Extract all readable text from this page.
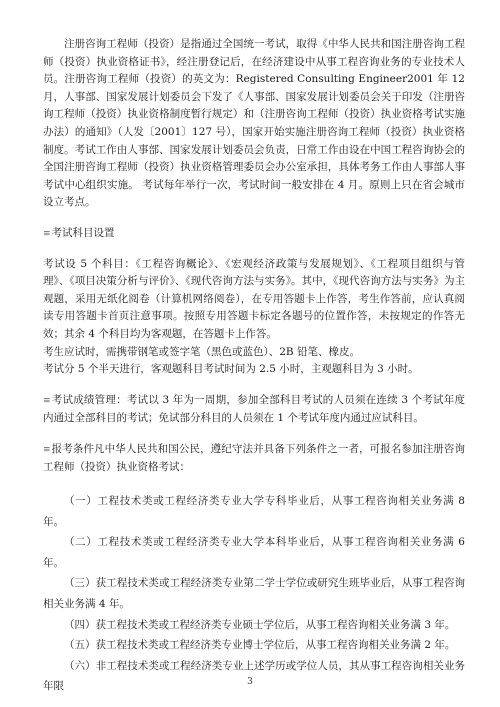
注册咨询工程师（投资）是指通过全国统一考试，取得《中华人民共和国注册咨询工程师（投资）执业资格证书》，经注册登记后，在经济建设中从事工程咨询业务的专业技术人员。注册咨询工程师（投资）的英文为：Registered Consulting Engineer2001 年 12 月，人事部、国家发展计划委员会下发了《人事部、国家发展计划委员会关于印发（注册咨询工程师（投资）执业资格制度暂行规定）和（注册咨询工程师（投资）执业资格考试实施办法）的通知》（人发〔2001〕127 号），国家开始实施注册咨询工程师（投资）执业资格制度。考试工作由人事部、国家发展计划委员会负责，日常工作由设在中国工程咨询协会的全国注册咨询工程师（投资）执业资格管理委员会办公室承担，具体考务工作由人事部人事考试中心组织实施。 考试每年举行一次，考试时间一般安排在 4 月。原则上只在省会城市设立考点。

≡考试科目设置

考试设 5 个科目：《工程咨询概论》、《宏观经济政策与发展规划》、《工程项目组织与管理》、《项目决策分析与评价》、《现代咨询方法与实务》。其中，《现代咨询方法与实务》为主观题，采用无纸化阅卷（计算机网络阅卷），在专用答题卡上作答，考生作答前，应认真阅读专用答题卡首页注意事项。按照专用答题卡标定各题号的位置作答，未按规定的作答无效；其余 4 个科目均为客观题，在答题卡上作答。

考生应试时，需携带钢笔或签字笔（黑色或蓝色）、2B 铅笔、橡皮。

考试分 5 个半天进行，客观题科目考试时间为 2.5 小时，主观题科目为 3 小时。

≡考试成绩管理：考试以 3 年为一周期，参加全部科目考试的人员须在连续 3 个考试年度内通过全部科目的考试；免试部分科目的人员须在 1 个考试年度内通过应试科目。

≡报考条件凡中华人民共和国公民，遵纪守法并具备下列条件之一者，可报名参加注册咨询工程师（投资）执业资格考试：

（一）工程技术类或工程经济类专业大学专科毕业后，从事工程咨询相关业务满 8 年。

（二）工程技术类或工程经济类专业大学本科毕业后，从事工程咨询相关业务满 6 年。

（三）获工程技术类或工程经济类专业第二学士学位或研究生班毕业后，从事工程咨询相关业务满 4 年。

（四）获工程技术类或工程经济类专业硕士学位后，从事工程咨询相关业务满 3 年。

（五）获工程技术类或工程经济类专业博士学位后，从事工程咨询相关业务满 2 年。

（六）非工程技术类或工程经济类专业上述学历或学位人员，其从事工程咨询相关业务年限	3
